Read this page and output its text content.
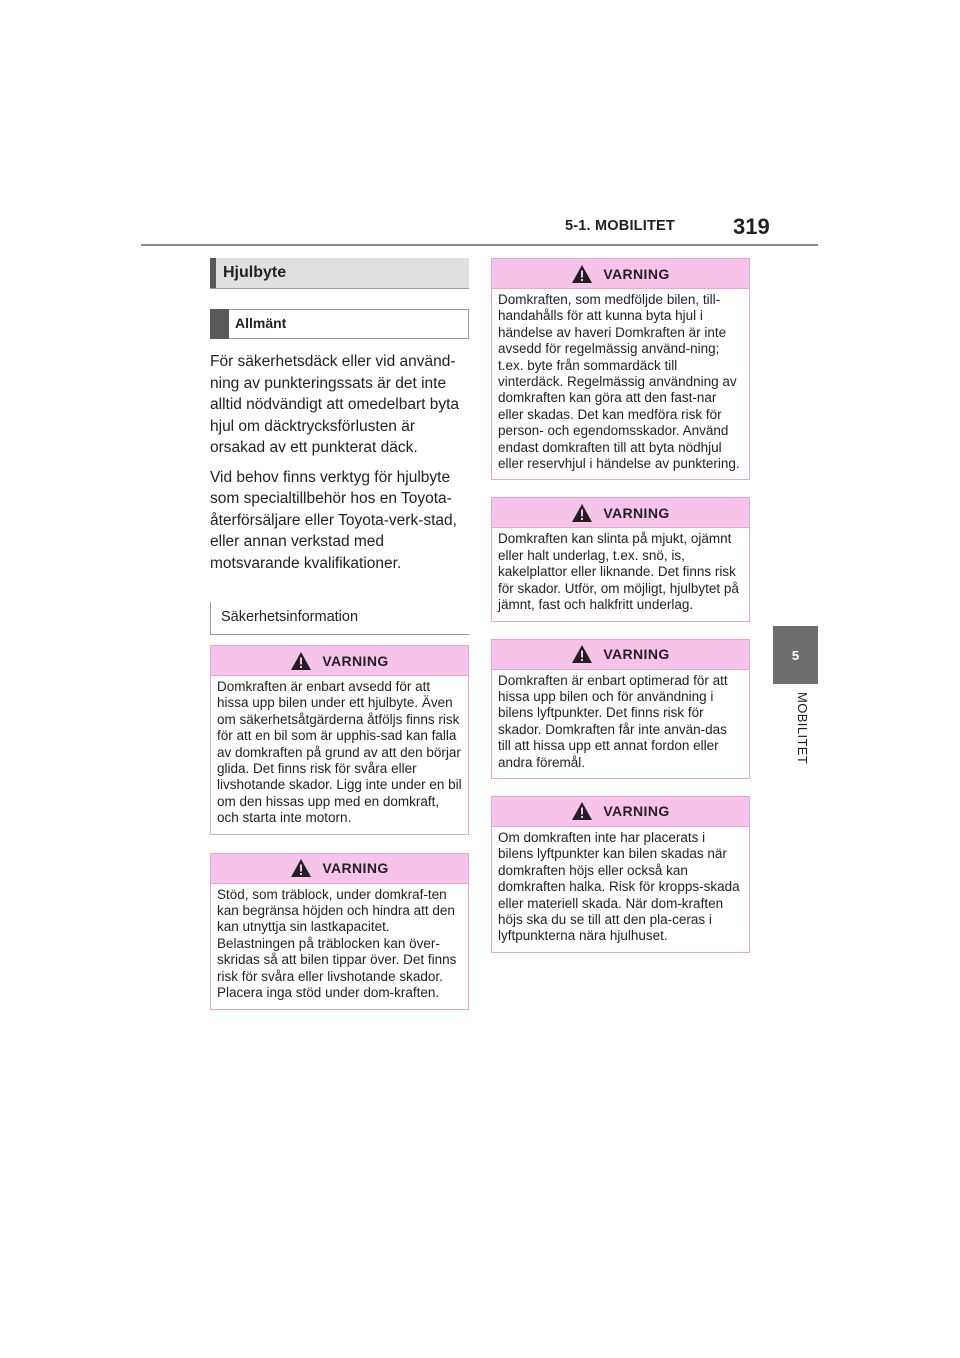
5-1. MOBILITET	319
5
MOBILITET
Hjulbyte
Allmänt

För säkerhetsdäck eller vid använd-ning av punkteringssats är det inte alltid nödvändigt att omedelbart byta hjul om däcktrycksförlusten är orsakad av ett punkterat däck.

Vid behov finns verktyg för hjulbyte som specialtillbehör hos en Toyota-återförsäljare eller Toyota-verk-stad, eller annan verkstad med motsvarande kvalifikationer.

Säkerhetsinformation
VARNING
Domkraften är enbart avsedd för att hissa upp bilen under ett hjulbyte. Även om säkerhetsåtgärderna åtföljs finns risk för att en bil som är upphis-sad kan falla av domkraften på grund av att den börjar glida. Det finns risk för svåra eller livshotande skador. Ligg inte under en bil om den hissas upp med en domkraft, och starta inte motorn.
VARNING
Stöd, som träblock, under domkraf-ten kan begränsa höjden och hindra att den kan utnyttja sin lastkapacitet. Belastningen på träblocken kan över-skridas så att bilen tippar över. Det finns risk för svåra eller livshotande skador. Placera inga stöd under dom-kraften.
VARNING
Domkraften, som medföljde bilen, till-handahålls för att kunna byta hjul i händelse av haveri Domkraften är inte avsedd för regelmässig använd-ning; t.ex. byte från sommardäck till vinterdäck. Regelmässig användning av domkraften kan göra att den fast-nar eller skadas. Det kan medföra risk för person- och egendomsskador. Använd endast domkraften till att byta nödhjul eller reservhjul i händelse av punktering.
VARNING
Domkraften kan slinta på mjukt, ojämnt eller halt underlag, t.ex. snö, is, kakelplattor eller liknande. Det finns risk för skador. Utför, om möjligt, hjulbytet på jämnt, fast och halkfritt underlag.
VARNING
Domkraften är enbart optimerad för att hissa upp bilen och för användning i bilens lyftpunkter. Det finns risk för skador. Domkraften får inte använ-das till att hissa upp ett annat fordon eller andra föremål.
VARNING
Om domkraften inte har placerats i bilens lyftpunkter kan bilen skadas när domkraften höjs eller också kan domkraften halka. Risk för kropps-skada eller materiell skada. När dom-kraften höjs ska du se till att den pla-ceras i lyftpunkterna nära hjulhuset.
